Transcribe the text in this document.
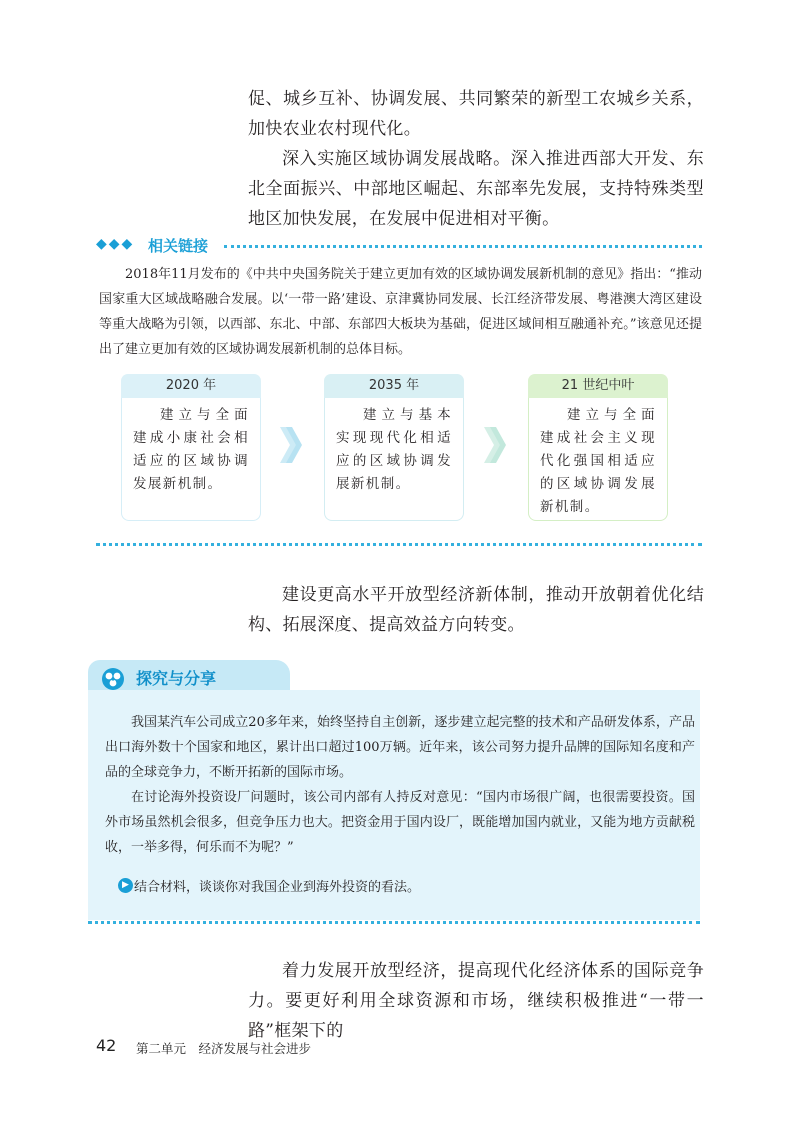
促、城乡互补、协调发展、共同繁荣的新型工农城乡关系，加快农业农村现代化。

深入实施区域协调发展战略。深入推进西部大开发、东北全面振兴、中部地区崛起、东部率先发展，支持特殊类型地区加快发展，在发展中促进相对平衡。

◆◆◆ 相关链接

2018年11月发布的《中共中央国务院关于建立更加有效的区域协调发展新机制的意见》指出：“推动国家重大区域战略融合发展。以‘一带一路’建设、京津冀协同发展、长江经济带发展、粤港澳大湾区建设等重大战略为引领，以西部、东北、中部、东部四大板块为基础，促进区域间相互融通补充。”该意见还提出了建立更加有效的区域协调发展新机制的总体目标。

2020 年

建立与全面建成小康社会相适应的区域协调发展新机制。

2035 年

建立与基本实现现代化相适应的区域协调发展新机制。

21 世纪中叶

建立与全面建成社会主义现代化强国相适应的区域协调发展新机制。

建设更高水平开放型经济新体制，推动开放朝着优化结构、拓展深度、提高效益方向转变。

探究与分享

我国某汽车公司成立20多年来，始终坚持自主创新，逐步建立起完整的技术和产品研发体系，产品出口海外数十个国家和地区，累计出口超过100万辆。近年来，该公司努力提升品牌的国际知名度和产品的全球竞争力，不断开拓新的国际市场。

在讨论海外投资设厂问题时，该公司内部有人持反对意见：“国内市场很广阔，也很需要投资。国外市场虽然机会很多，但竞争压力也大。把资金用于国内设厂，既能增加国内就业，又能为地方贡献税收，一举多得，何乐而不为呢？”

▶ 结合材料，谈谈你对我国企业到海外投资的看法。

着力发展开放型经济，提高现代化经济体系的国际竞争力。要更好利用全球资源和市场，继续积极推进“一带一路”框架下的

42 第二单元　经济发展与社会进步
